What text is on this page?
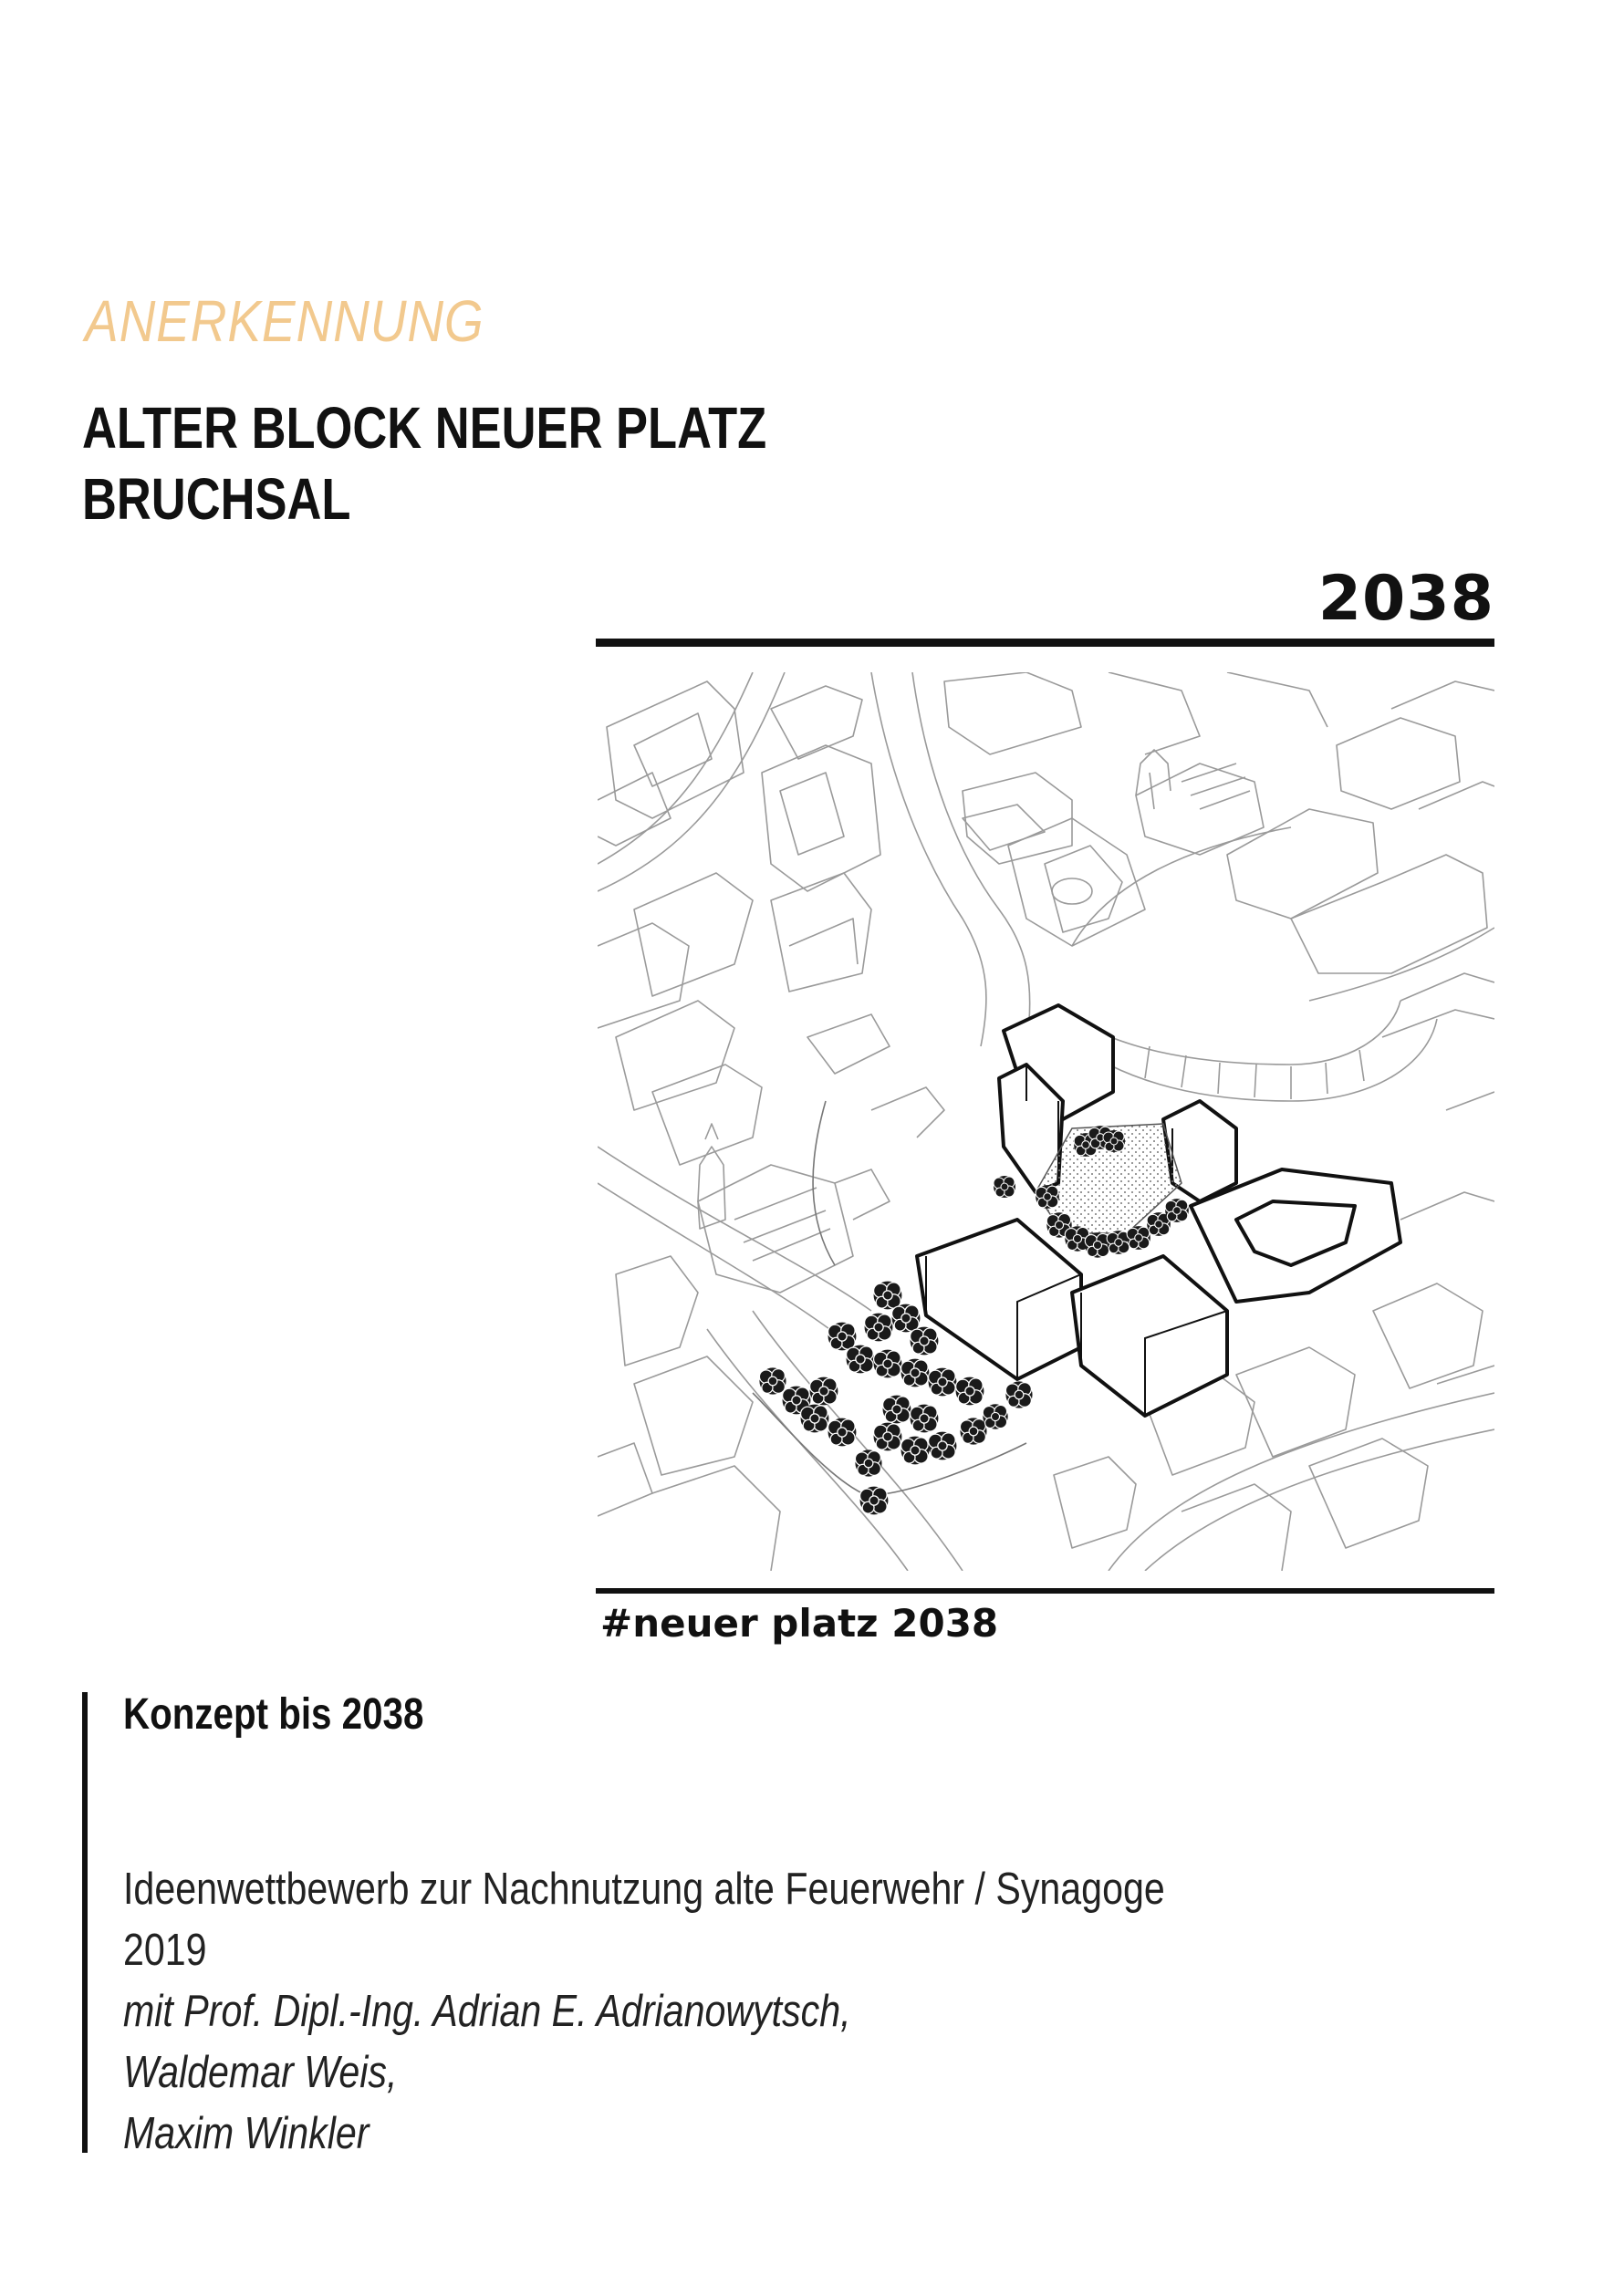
ANERKENNUNG
ALTER BLOCK NEUER PLATZ
BRUCHSAL
2038
#neuer platz 2038
Konzept bis 2038
Ideenwettbewerb zur Nachnutzung alte Feuerwehr / Synagoge
2019
mit Prof. Dipl.-Ing. Adrian E. Adrianowytsch,
Waldemar Weis,
Maxim Winkler
